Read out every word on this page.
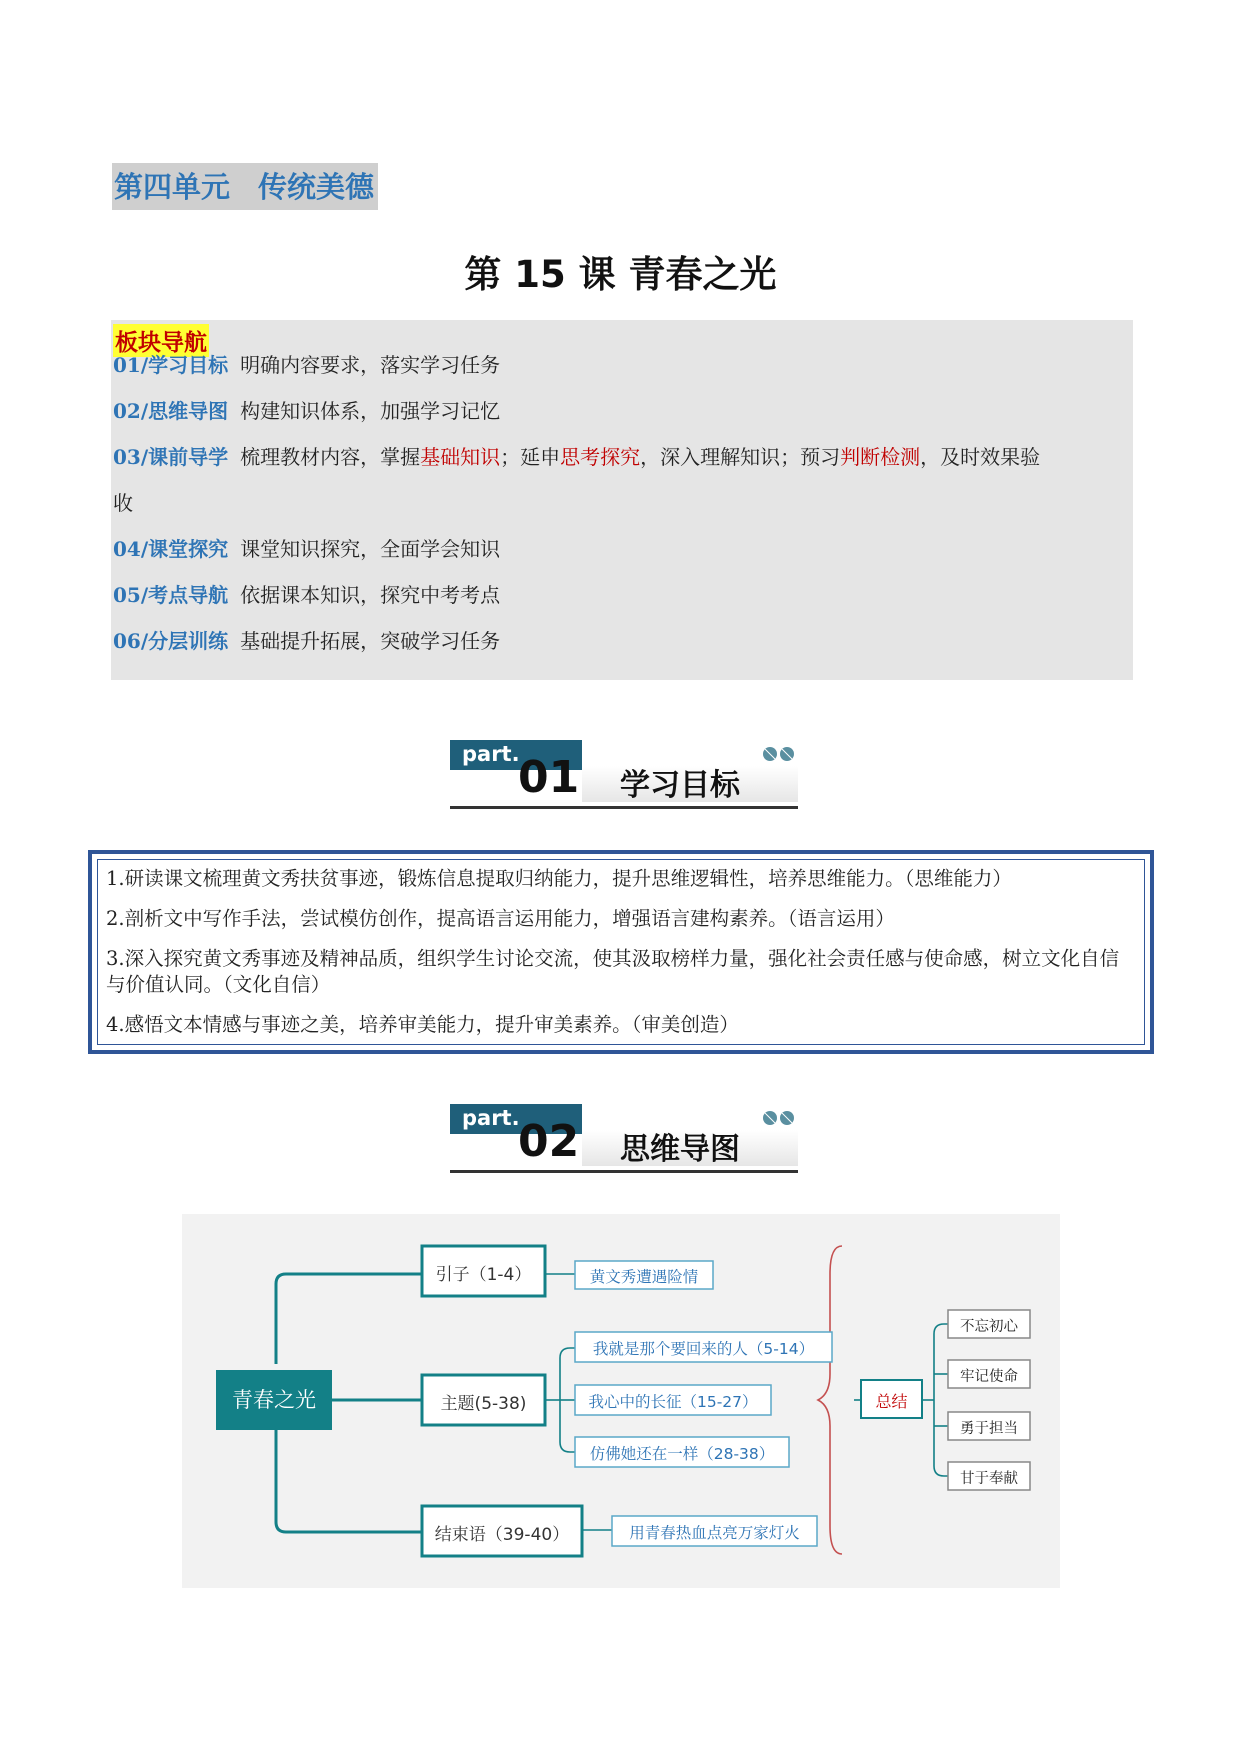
第四单元 传统美德
第 15 课 青春之光
板块导航
01/学习目标 明确内容要求，落实学习任务
02/思维导图 构建知识体系，加强学习记忆
03/课前导学 梳理教材内容，掌握基础知识；延申思考探究，深入理解知识；预习判断检测，及时效果验
收
04/课堂探究 课堂知识探究，全面学会知识
05/考点导航 依据课本知识，探究中考考点
06/分层训练 基础提升拓展，突破学习任务
part.
01 学习目标
1.研读课文梳理黄文秀扶贫事迹，锻炼信息提取归纳能力，提升思维逻辑性，培养思维能力。（思维能力）
2.剖析文中写作手法，尝试模仿创作，提高语言运用能力，增强语言建构素养。（语言运用）
3.深入探究黄文秀事迹及精神品质，组织学生讨论交流，使其汲取榜样力量，强化社会责任感与使命感，树立文化自信与价值认同。（文化自信）
4.感悟文本情感与事迹之美，培养审美能力，提升审美素养。（审美创造）
part.
02 思维导图
青春之光
引子（1-4）
主题(5-38)
结束语（39-40）
黄文秀遭遇险情
我就是那个要回来的人（5-14）
我心中的长征（15-27）
仿佛她还在一样（28-38）
用青春热血点亮万家灯火
总结
不忘初心
牢记使命
勇于担当
甘于奉献
